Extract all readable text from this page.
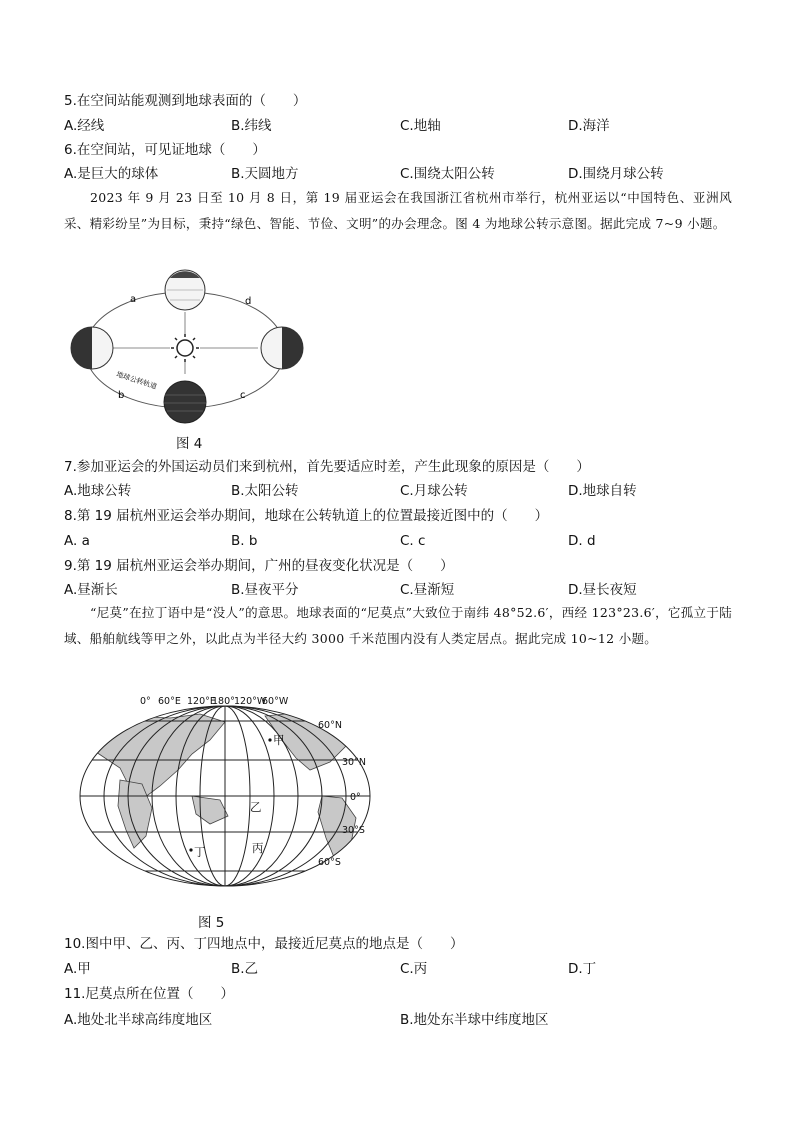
5.在空间站能观测到地球表面的（　　）
A.经线	B.纬线	C.地轴	D.海洋
6.在空间站，可见证地球（　　）
A.是巨大的球体	B.天圆地方	C.围绕太阳公转	D.围绕月球公转
2023 年 9 月 23 日至 10 月 8 日，第 19 届亚运会在我国浙江省杭州市举行，杭州亚运以“中国特色、亚洲风采、精彩纷呈”为目标，秉持“绿色、智能、节俭、文明”的办会理念。图 4 为地球公转示意图。据此完成 7~9 小题。
a
b	c
d
地球公转轨道
图 4
7.参加亚运会的外国运动员们来到杭州，首先要适应时差，产生此现象的原因是（　　）
A.地球公转	B.太阳公转	C.月球公转	D.地球自转
8.第 19 届杭州亚运会举办期间，地球在公转轨道上的位置最接近图中的（　　）
A. a	B. b	C. c	D. d
9.第 19 届杭州亚运会举办期间，广州的昼夜变化状况是（　　）
A.昼渐长	B.昼夜平分	C.昼渐短	D.昼长夜短
“尼莫”在拉丁语中是“没人”的意思。地球表面的“尼莫点”大致位于南纬 48°52.6′，西经 123°23.6′，它孤立于陆域、船舶航线等甲之外，以此点为半径大约 3000 千米范围内没有人类定居点。据此完成 10~12 小题。
0° 60°E 120°E
180° 120°W
60°W
60°N
30°N
0°
30°S
60°S
甲
乙
丙
丁
图 5
10.图中甲、乙、丙、丁四地点中，最接近尼莫点的地点是（　　）
A.甲	B.乙	C.丙	D.丁
11.尼莫点所在位置（　　）
A.地处北半球高纬度地区	B.地处东半球中纬度地区
